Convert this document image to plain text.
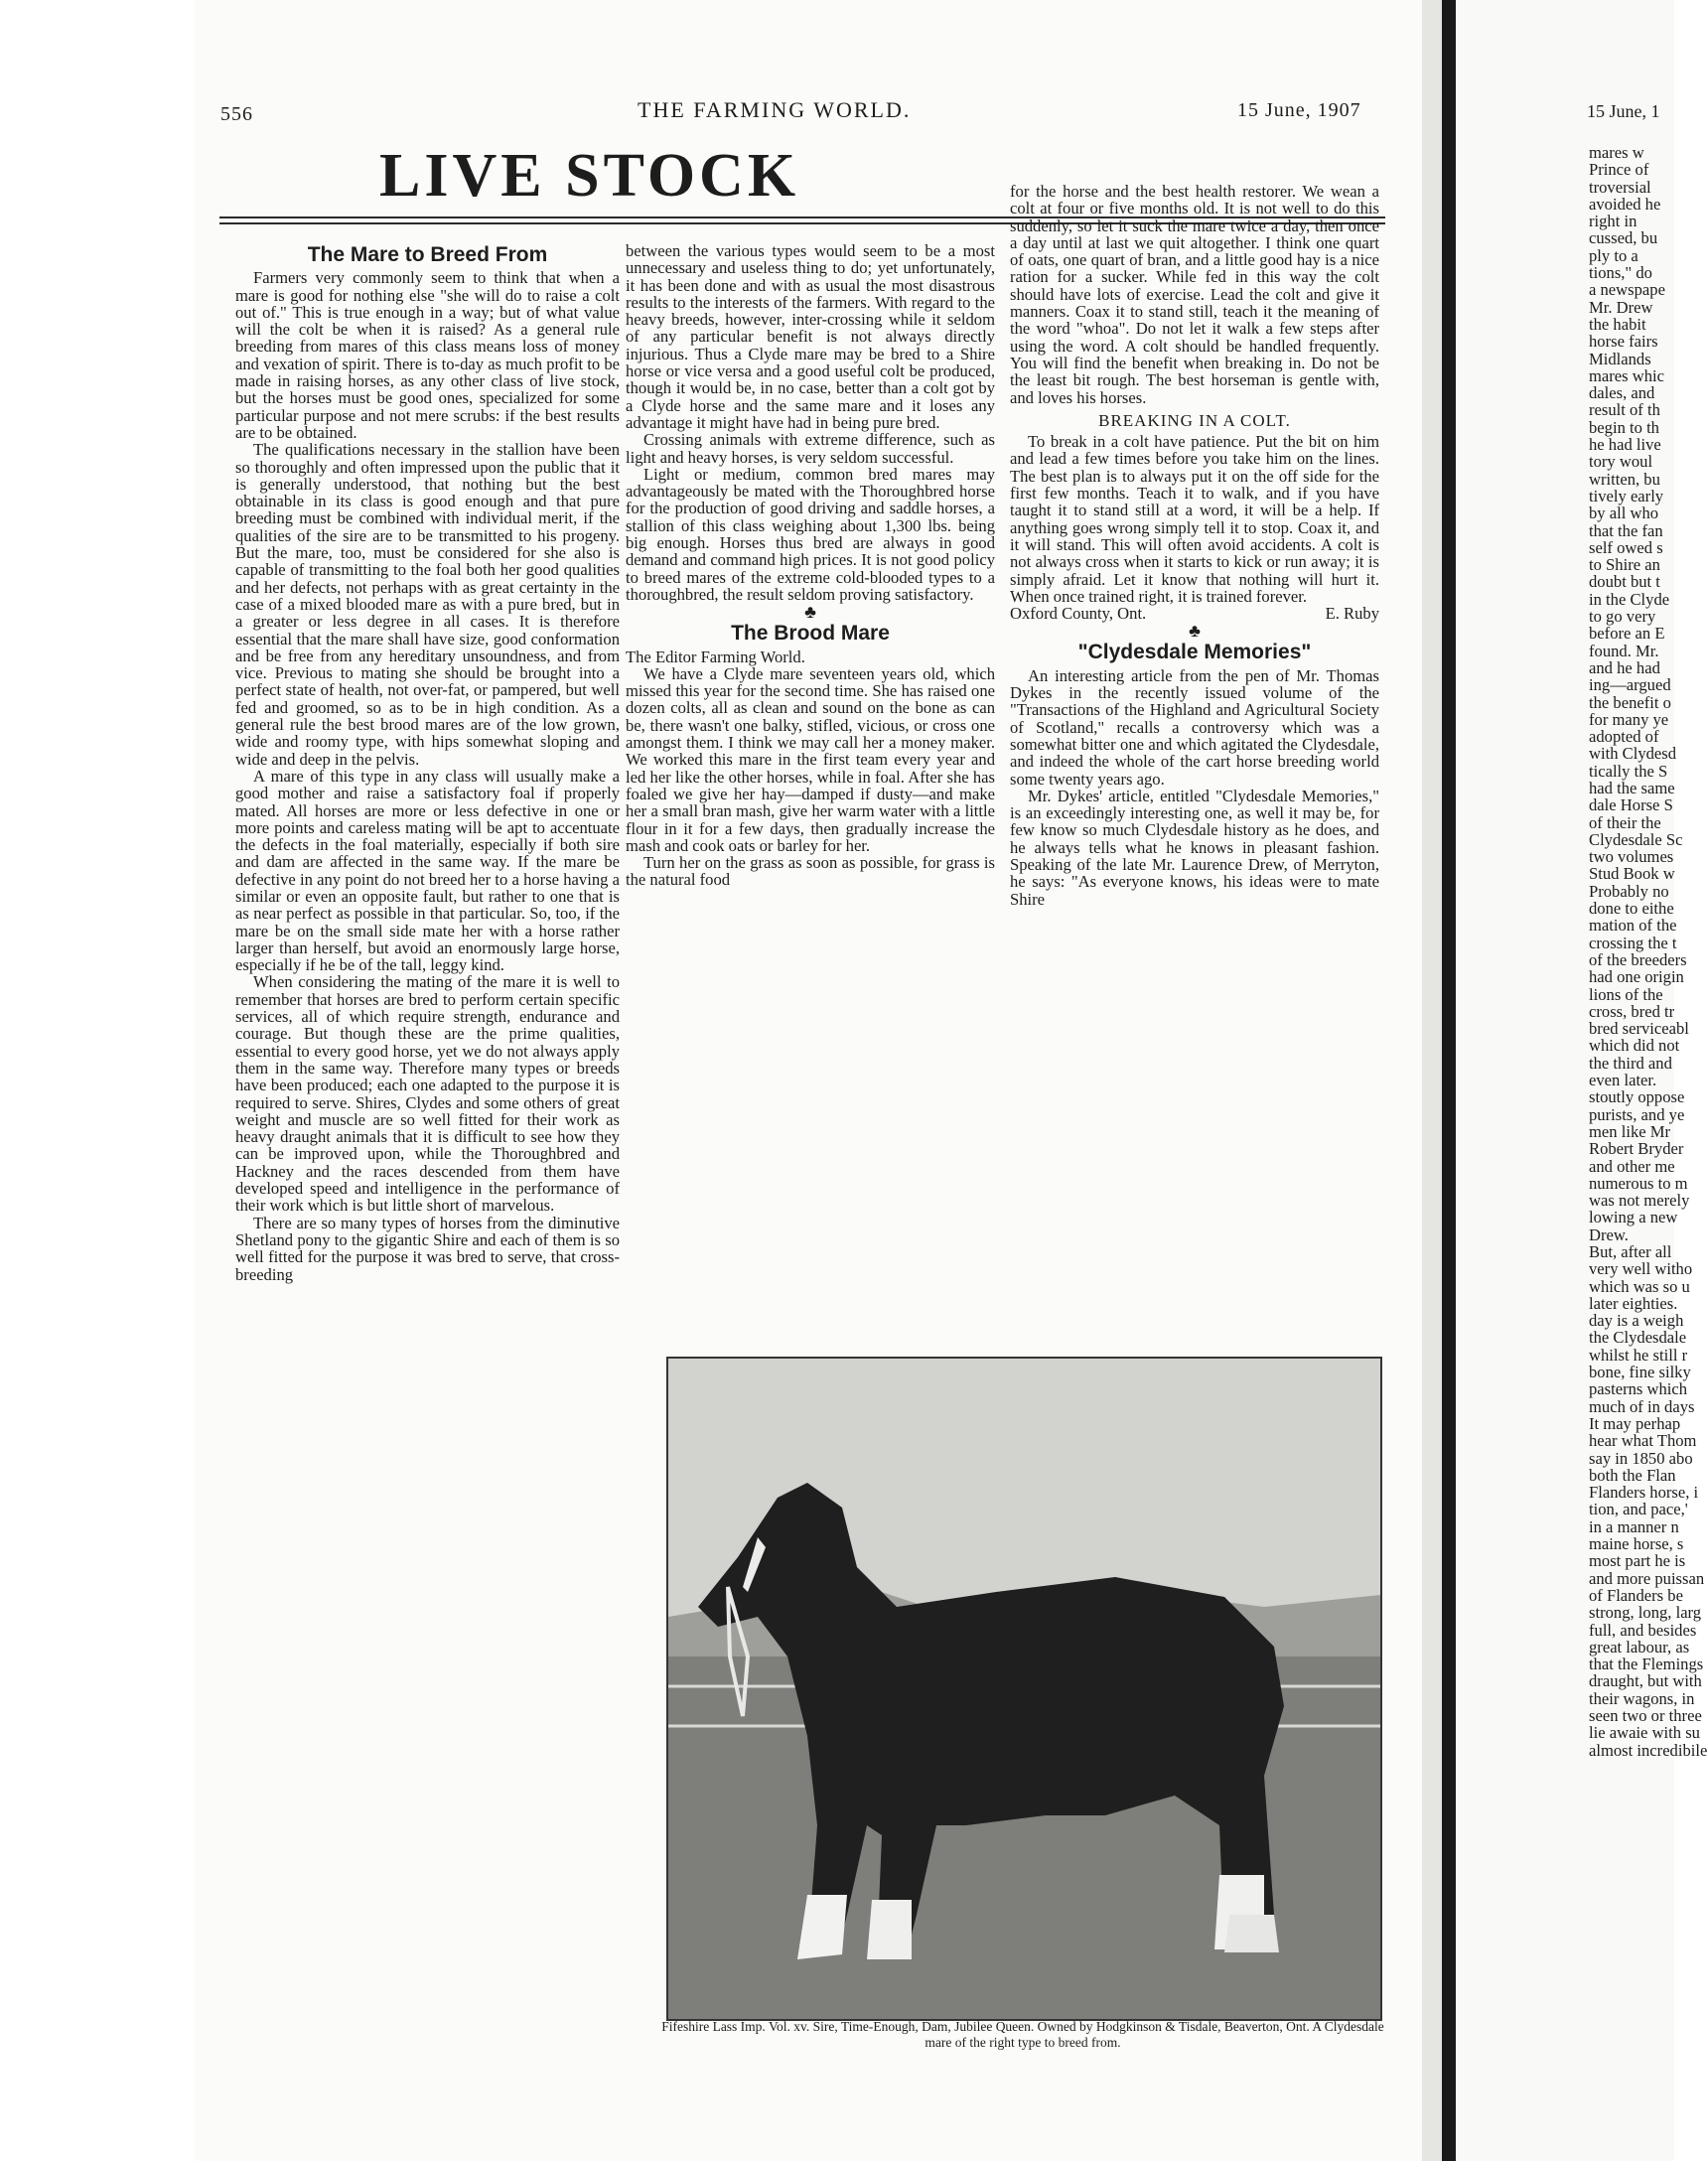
556	THE FARMING WORLD.	15 June, 1907
LIVE STOCK
The Mare to Breed From

Farmers very commonly seem to think that when a mare is good for nothing else "she will do to raise a colt out of." This is true enough in a way; but of what value will the colt be when it is raised? As a general rule breeding from mares of this class means loss of money and vexation of spirit. There is to-day as much profit to be made in raising horses, as any other class of live stock, but the horses must be good ones, specialized for some particular purpose and not mere scrubs: if the best results are to be obtained.

The qualifications necessary in the stallion have been so thoroughly and often impressed upon the public that it is generally understood, that nothing but the best obtainable in its class is good enough and that pure breeding must be combined with individual merit, if the qualities of the sire are to be transmitted to his progeny. But the mare, too, must be considered for she also is capable of transmitting to the foal both her good qualities and her defects, not perhaps with as great certainty in the case of a mixed blooded mare as with a pure bred, but in a greater or less degree in all cases. It is therefore essential that the mare shall have size, good conformation and be free from any hereditary unsoundness, and from vice. Previous to mating she should be brought into a perfect state of health, not over-fat, or pampered, but well fed and groomed, so as to be in high condition. As a general rule the best brood mares are of the low grown, wide and roomy type, with hips somewhat sloping and wide and deep in the pelvis.

A mare of this type in any class will usually make a good mother and raise a satisfactory foal if properly mated. All horses are more or less defective in one or more points and careless mating will be apt to accentuate the defects in the foal materially, especially if both sire and dam are affected in the same way. If the mare be defective in any point do not breed her to a horse having a similar or even an opposite fault, but rather to one that is as near perfect as possible in that particular. So, too, if the mare be on the small side mate her with a horse rather larger than herself, but avoid an enormously large horse, especially if he be of the tall, leggy kind.

When considering the mating of the mare it is well to remember that horses are bred to perform certain specific services, all of which require strength, endurance and courage. But though these are the prime qualities, essential to every good horse, yet we do not always apply them in the same way. Therefore many types or breeds have been produced; each one adapted to the purpose it is required to serve. Shires, Clydes and some others of great weight and muscle are so well fitted for their work as heavy draught animals that it is difficult to see how they can be improved upon, while the Thoroughbred and Hackney and the races descended from them have developed speed and intelligence in the performance of their work which is but little short of marvelous.

There are so many types of horses from the diminutive Shetland pony to the gigantic Shire and each of them is so well fitted for the purpose it was bred to serve, that cross-breeding

between the various types would seem to be a most unnecessary and useless thing to do; yet unfortunately, it has been done and with as usual the most disastrous results to the interests of the farmers. With regard to the heavy breeds, however, inter-crossing while it seldom of any particular benefit is not always directly injurious. Thus a Clyde mare may be bred to a Shire horse or vice versa and a good useful colt be produced, though it would be, in no case, better than a colt got by a Clyde horse and the same mare and it loses any advantage it might have had in being pure bred.

Crossing animals with extreme difference, such as light and heavy horses, is very seldom successful.

Light or medium, common bred mares may advantageously be mated with the Thoroughbred horse for the production of good driving and saddle horses, a stallion of this class weighing about 1,300 lbs. being big enough. Horses thus bred are always in good demand and command high prices. It is not good policy to breed mares of the extreme cold-blooded types to a thoroughbred, the result seldom proving satisfactory.

♣
The Brood Mare

The Editor Farming World.

We have a Clyde mare seventeen years old, which missed this year for the second time. She has raised one dozen colts, all as clean and sound on the bone as can be, there wasn't one balky, stifled, vicious, or cross one amongst them. I think we may call her a money maker. We worked this mare in the first team every year and led her like the other horses, while in foal. After she has foaled we give her hay—damped if dusty—and make her a small bran mash, give her warm water with a little flour in it for a few days, then gradually increase the mash and cook oats or barley for her.

Turn her on the grass as soon as possible, for grass is the natural food

for the horse and the best health restorer. We wean a colt at four or five months old. It is not well to do this suddenly, so let it suck the mare twice a day, then once a day until at last we quit altogether. I think one quart of oats, one quart of bran, and a little good hay is a nice ration for a sucker. While fed in this way the colt should have lots of exercise. Lead the colt and give it manners. Coax it to stand still, teach it the meaning of the word "whoa". Do not let it walk a few steps after using the word. A colt should be handled frequently. You will find the benefit when breaking in. Do not be the least bit rough. The best horseman is gentle with, and loves his horses.

BREAKING IN A COLT.

To break in a colt have patience. Put the bit on him and lead a few times before you take him on the lines. The best plan is to always put it on the off side for the first few months. Teach it to walk, and if you have taught it to stand still at a word, it will be a help. If anything goes wrong simply tell it to stop. Coax it, and it will stand. This will often avoid accidents. A colt is not always cross when it starts to kick or run away; it is simply afraid. Let it know that nothing will hurt it. When once trained right, it is trained forever.

Oxford County, Ont.	E. Ruby
♣
"Clydesdale Memories"

An interesting article from the pen of Mr. Thomas Dykes in the recently issued volume of the "Transactions of the Highland and Agricultural Society of Scotland," recalls a controversy which was a somewhat bitter one and which agitated the Clydesdale, and indeed the whole of the cart horse breeding world some twenty years ago.

Mr. Dykes' article, entitled "Clydesdale Memories," is an exceedingly interesting one, as well it may be, for few know so much Clydesdale history as he does, and he always tells what he knows in pleasant fashion. Speaking of the late Mr. Laurence Drew, of Merryton, he says: "As everyone knows, his ideas were to mate Shire

Fifeshire Lass Imp. Vol. xv. Sire, Time-Enough, Dam, Jubilee Queen. Owned by Hodgkinson & Tisdale, Beaverton, Ont. A Clydesdale mare of the right type to breed from.
15 June, 1

mares w

Prince of

troversial

avoided he

right in

cussed, bu

ply to a

tions," do

a newspape

Mr. Drew

the habit

horse fairs

Midlands

mares whic

dales, and

result of th

begin to th

he had live

tory woul

written, bu

tively early

by all who

that the fan

self owed s

to Shire an

doubt but t

in the Clyde

to go very

before an E

found. Mr.

and he had

ing—argued

the benefit o

for many ye

adopted of

with Clydesd

tically the S

had the same

dale Horse S

of their the

Clydesdale Sc

two volumes

Stud Book w

Probably no

done to eithe

mation of the

crossing the t

of the breeders

had one origin

lions of the

cross, bred tr

bred serviceabl

which did not

the third and

even later.

stoutly oppose

purists, and ye

men like Mr

Robert Bryder

and other me

numerous to m

was not merely

lowing a new

Drew.

But, after all

very well witho

which was so u

later eighties.

day is a weigh

the Clydesdale

whilst he still r

bone, fine silky

pasterns which

much of in days

It may perhap

hear what Thom

say in 1850 abo

both the Flan

Flanders horse, i

tion, and pace,'

in a manner n

maine horse, s

most part he is

and more puissan

of Flanders be

strong, long, larg

full, and besides

great labour, as

that the Flemings

draught, but with

their wagons, in

seen two or three

lie awaie with su

almost incredibile
